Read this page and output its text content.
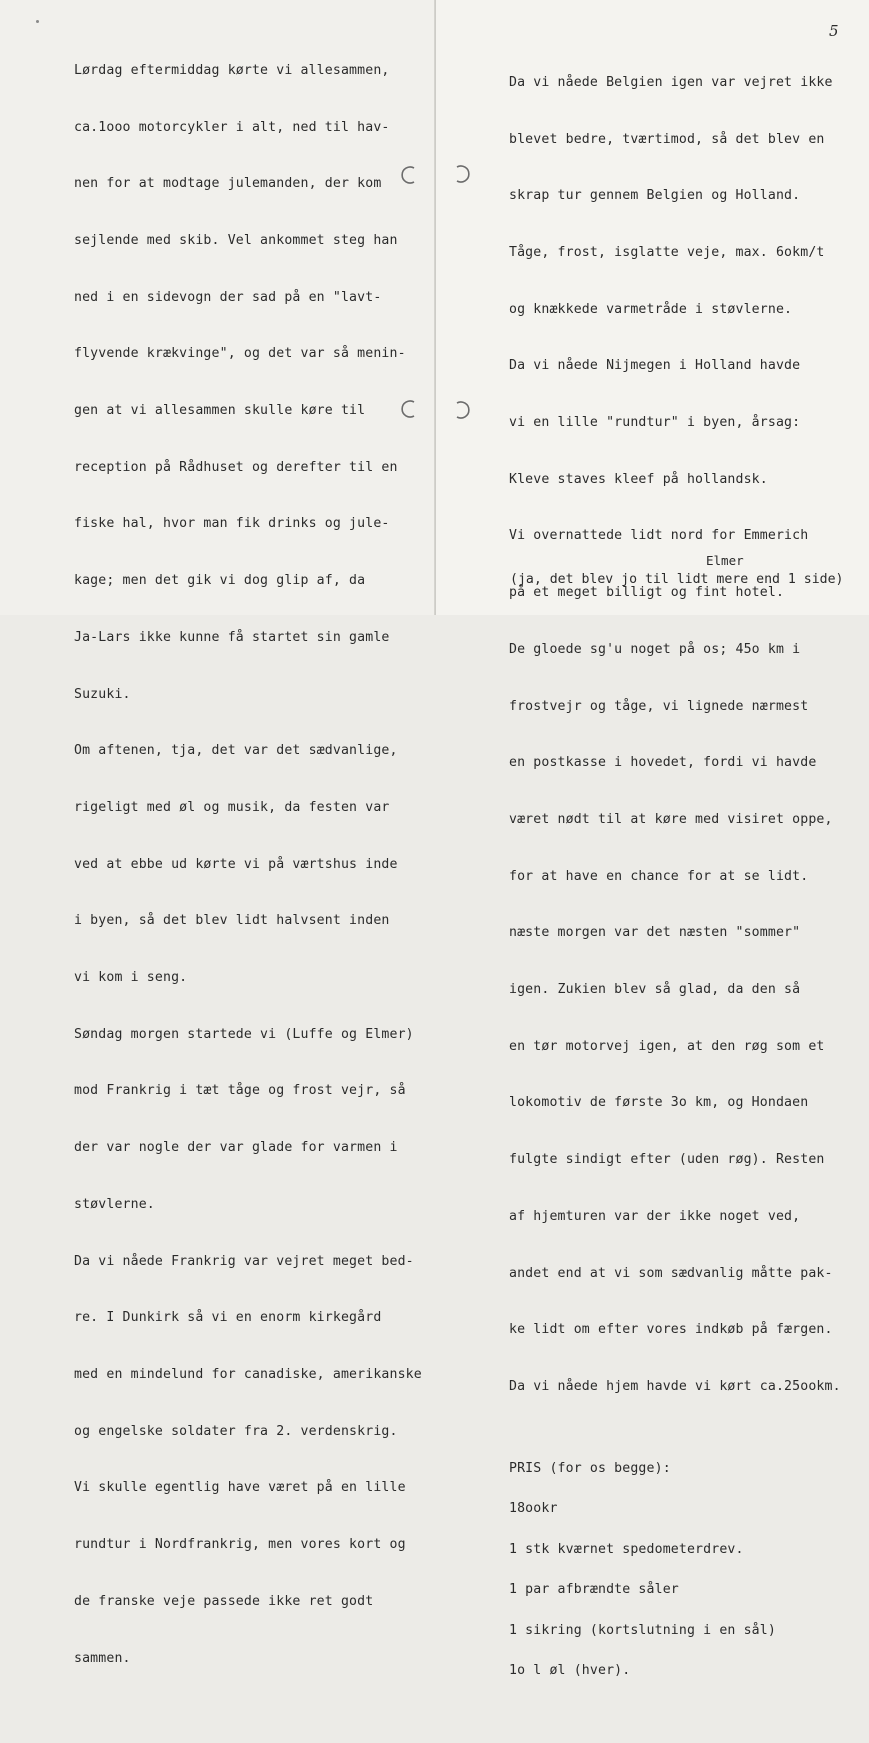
Lørdag eftermiddag kørte vi allesammen,

ca.1ooo motorcykler i alt, ned til hav-

nen for at modtage julemanden, der kom

sejlende med skib. Vel ankommet steg han

ned i en sidevogn der sad på en "lavt-

flyvende krækvinge", og det var så menin-

gen at vi allesammen skulle køre til

reception på Rådhuset og derefter til en

fiske hal, hvor man fik drinks og jule-

kage; men det gik vi dog glip af, da

Ja-Lars ikke kunne få startet sin gamle

Suzuki.

Om aftenen, tja, det var det sædvanlige,

rigeligt med øl og musik, da festen var

ved at ebbe ud kørte vi på værtshus inde

i byen, så det blev lidt halvsent inden

vi kom i seng.

Søndag morgen startede vi (Luffe og Elmer)

mod Frankrig i tæt tåge og frost vejr, så

der var nogle der var glade for varmen i

støvlerne.

Da vi nåede Frankrig var vejret meget bed-

re. I Dunkirk så vi en enorm kirkegård

med en mindelund for canadiske, amerikanske

og engelske soldater fra 2. verdenskrig.

Vi skulle egentlig have været på en lille

rundtur i Nordfrankrig, men vores kort og

de franske veje passede ikke ret godt

sammen.

5

Da vi nåede Belgien igen var vejret ikke

blevet bedre, tværtimod, så det blev en

skrap tur gennem Belgien og Holland.

Tåge, frost, isglatte veje, max. 6okm/t

og knækkede varmetråde i støvlerne.

Da vi nåede Nijmegen i Holland havde

vi en lille "rundtur" i byen, årsag:

Kleve staves kleef på hollandsk.

Vi overnattede lidt nord for Emmerich

på et meget billigt og fint hotel.

De gloede sg'u noget på os; 45o km i

frostvejr og tåge, vi lignede nærmest

en postkasse i hovedet, fordi vi havde

været nødt til at køre med visiret oppe,

for at have en chance for at se lidt.

næste morgen var det næsten "sommer"

igen. Zukien blev så glad, da den så

en tør motorvej igen, at den røg som et

lokomotiv de første 3o km, og Hondaen

fulgte sindigt efter (uden røg). Resten

af hjemturen var der ikke noget ved,

andet end at vi som sædvanlig måtte pak-

ke lidt om efter vores indkøb på færgen.

Da vi nåede hjem havde vi kørt ca.25ookm.

PRIS (for os begge):

18ookr

1 stk kværnet spedometerdrev.

1 par afbrændte såler

1 sikring (kortslutning i en sål)

1o l øl (hver).

Elmer
(ja, det blev jo til lidt mere end 1 side)
